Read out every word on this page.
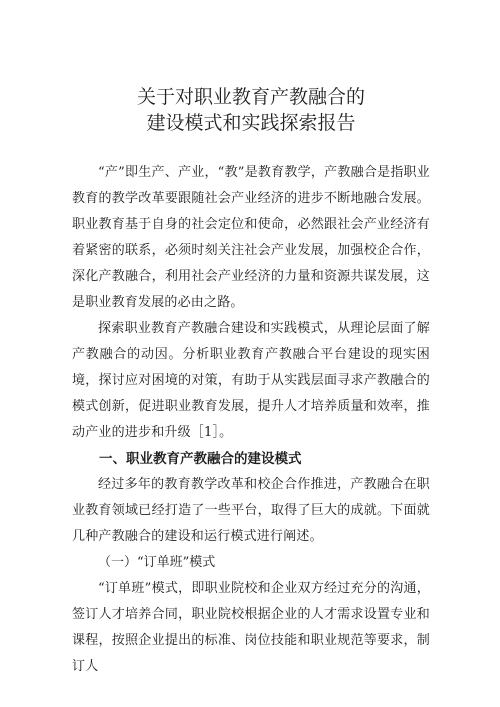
关于对职业教育产教融合的
建设模式和实践探索报告

“产”即生产、产业，“教”是教育教学，产教融合是指职业教育的教学改革要跟随社会产业经济的进步不断地融合发展。职业教育基于自身的社会定位和使命，必然跟社会产业经济有着紧密的联系，必须时刻关注社会产业发展，加强校企合作，深化产教融合，利用社会产业经济的力量和资源共谋发展，这是职业教育发展的必由之路。

探索职业教育产教融合建设和实践模式，从理论层面了解产教融合的动因。分析职业教育产教融合平台建设的现实困境，探讨应对困境的对策，有助于从实践层面寻求产教融合的模式创新，促进职业教育发展，提升人才培养质量和效率，推动产业的进步和升级［1］。

一、职业教育产教融合的建设模式

经过多年的教育教学改革和校企合作推进，产教融合在职业教育领域已经打造了一些平台，取得了巨大的成就。下面就几种产教融合的建设和运行模式进行阐述。

（一）“订单班”模式

“订单班”模式，即职业院校和企业双方经过充分的沟通，签订人才培养合同，职业院校根据企业的人才需求设置专业和课程，按照企业提出的标准、岗位技能和职业规范等要求，制订人
